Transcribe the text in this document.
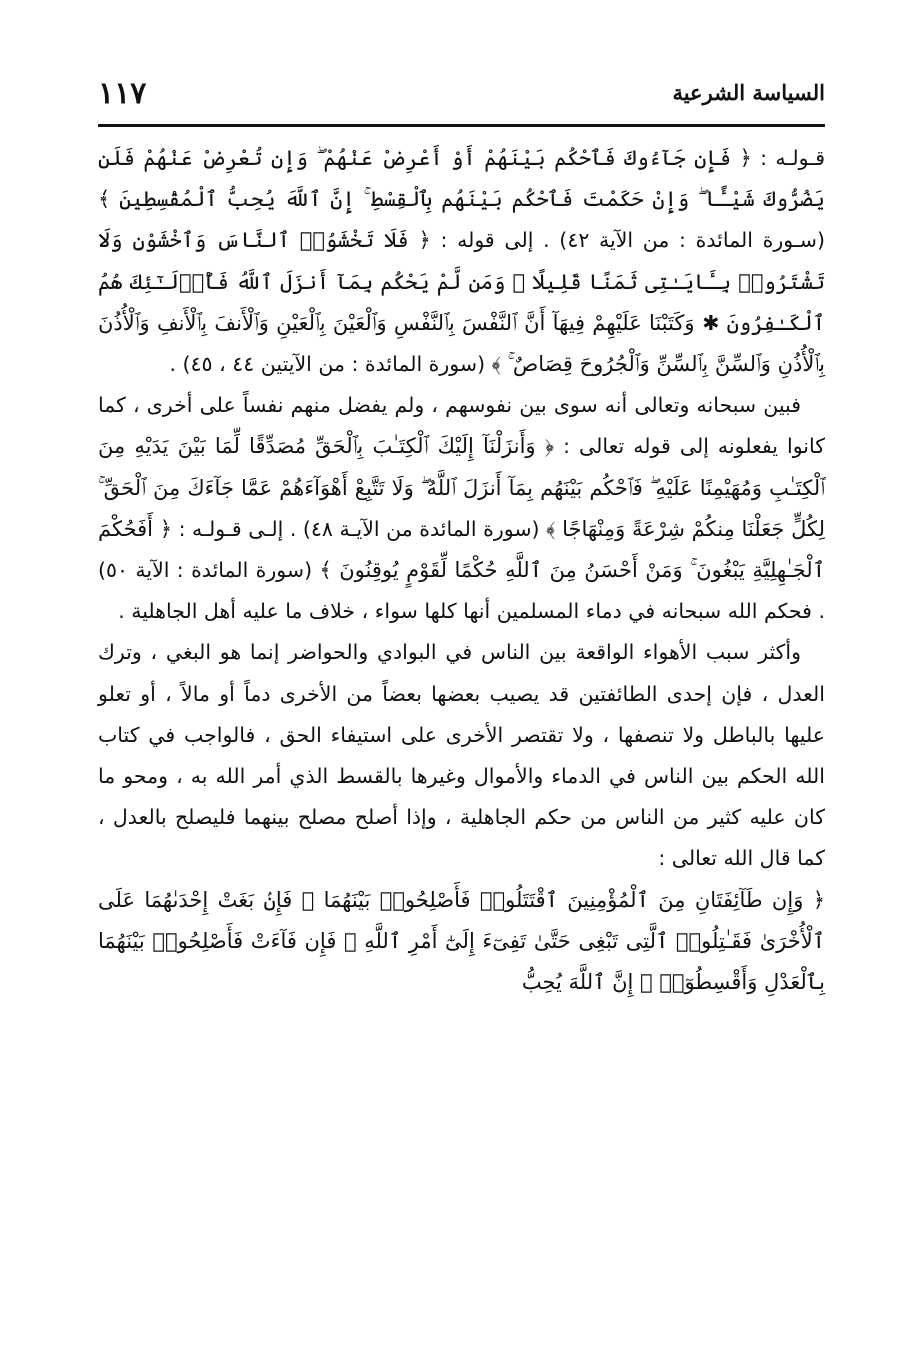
السياسة الشرعية
١١٧

قـولـه : ﴿ فَإِن جَآءُوكَ فَٱحْكُم بَيْنَهُمْ أَوْ أَعْرِضْ عَنْهُمْ ۖ وَإِن تُعْرِضْ عَنْهُمْ فَلَن يَضُرُّوكَ شَيْـًٔا ۖ وَإِنْ حَكَمْتَ فَٱحْكُم بَيْنَهُم بِٱلْقِسْطِ ۚ إِنَّ ٱللَّهَ يُحِبُّ ٱلْمُقْسِطِينَ ﴾ (سـورة المائدة : من الآية ٤٢) . إلى قوله : ﴿ فَلَا تَخْشَوُا۟ ٱلنَّاسَ وَٱخْشَوْنِ وَلَا تَشْتَرُوا۟ بِـَٔايَـٰتِى ثَمَنًا قَلِيلًا ۚ وَمَن لَّمْ يَحْكُم بِمَآ أَنزَلَ ٱللَّهُ فَأُو۟لَـٰٓئِكَ هُمُ ٱلْكَـٰفِرُونَ ✱ وَكَتَبْنَا عَلَيْهِمْ فِيهَآ أَنَّ ٱلنَّفْسَ بِٱلنَّفْسِ وَٱلْعَيْنَ بِٱلْعَيْنِ وَٱلْأَنفَ بِٱلْأَنفِ وَٱلْأُذُنَ بِٱلْأُذُنِ وَٱلسِّنَّ بِٱلسِّنِّ وَٱلْجُرُوحَ قِصَاصٌ ۚ ﴾ (سورة المائدة : من الآيتين ٤٤ ، ٤٥) .

فبين سبحانه وتعالى أنه سوى بين نفوسهم ، ولم يفضل منهم نفساً على أخرى ، كما كانوا يفعلونه إلى قوله تعالى : ﴿ وَأَنزَلْنَآ إِلَيْكَ ٱلْكِتَـٰبَ بِٱلْحَقِّ مُصَدِّقًا لِّمَا بَيْنَ يَدَيْهِ مِنَ ٱلْكِتَـٰبِ وَمُهَيْمِنًا عَلَيْهِ ۖ فَٱحْكُم بَيْنَهُم بِمَآ أَنزَلَ ٱللَّهُ ۖ وَلَا تَتَّبِعْ أَهْوَآءَهُمْ عَمَّا جَآءَكَ مِنَ ٱلْحَقِّ ۚ لِكُلٍّ جَعَلْنَا مِنكُمْ شِرْعَةً وَمِنْهَاجًا ﴾ (سورة المائدة من الآيـة ٤٨) . إلـى قـولـه : ﴿ أَفَحُكْمَ ٱلْجَـٰهِلِيَّةِ يَبْغُونَ ۚ وَمَنْ أَحْسَنُ مِنَ ٱللَّهِ حُكْمًا لِّقَوْمٍ يُوقِنُونَ ﴾ (سورة المائدة : الآية ٥٠) . فحكم الله سبحانه في دماء المسلمين أنها كلها سواء ، خلاف ما عليه أهل الجاهلية .

وأكثر سبب الأهواء الواقعة بين الناس في البوادي والحواضر إنما هو البغي ، وترك العدل ، فإن إحدى الطائفتين قد يصيب بعضها بعضاً من الأخرى دماً أو مالاً ، أو تعلو عليها بالباطل ولا تنصفها ، ولا تقتصر الأخرى على استيفاء الحق ، فالواجب في كتاب الله الحكم بين الناس في الدماء والأموال وغيرها بالقسط الذي أمر الله به ، ومحو ما كان عليه كثير من الناس من حكم الجاهلية ، وإذا أصلح مصلح بينهما فليصلح بالعدل ، كما قال الله تعالى :

﴿ وَإِن طَآئِفَتَانِ مِنَ ٱلْمُؤْمِنِينَ ٱقْتَتَلُوا۟ فَأَصْلِحُوا۟ بَيْنَهُمَا ۖ فَإِنۢ بَغَتْ إِحْدَىٰهُمَا عَلَى ٱلْأُخْرَىٰ فَقَـٰتِلُوا۟ ٱلَّتِى تَبْغِى حَتَّىٰ تَفِىٓءَ إِلَىٰٓ أَمْرِ ٱللَّهِ ۚ فَإِن فَآءَتْ فَأَصْلِحُوا۟ بَيْنَهُمَا بِٱلْعَدْلِ وَأَقْسِطُوٓا۟ ۖ إِنَّ ٱللَّهَ يُحِبُّ
